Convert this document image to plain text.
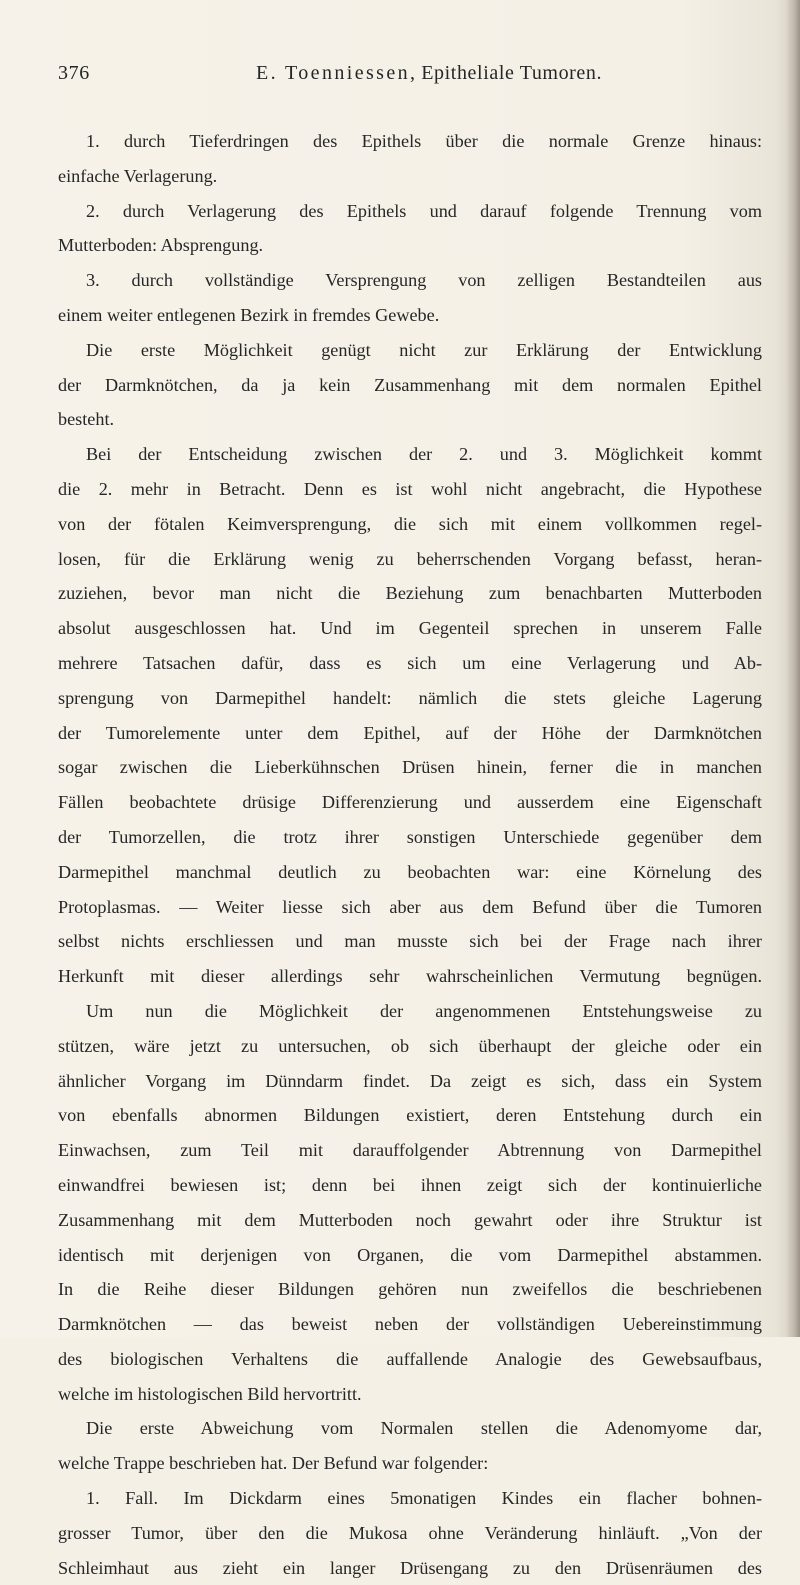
376	E. Toenniessen, Epitheliale Tumoren.
1. durch Tieferdringen des Epithels über die normale Grenze hinaus:
einfache Verlagerung.
2. durch Verlagerung des Epithels und darauf folgende Trennung vom
Mutterboden: Absprengung.
3. durch vollständige Versprengung von zelligen Bestandteilen aus
einem weiter entlegenen Bezirk in fremdes Gewebe.
Die erste Möglichkeit genügt nicht zur Erklärung der Entwicklung
der Darmknötchen, da ja kein Zusammenhang mit dem normalen Epithel
besteht.
Bei der Entscheidung zwischen der 2. und 3. Möglichkeit kommt
die 2. mehr in Betracht. Denn es ist wohl nicht angebracht, die Hypothese
von der fötalen Keimversprengung, die sich mit einem vollkommen regel-
losen, für die Erklärung wenig zu beherrschenden Vorgang befasst, heran-
zuziehen, bevor man nicht die Beziehung zum benachbarten Mutterboden
absolut ausgeschlossen hat. Und im Gegenteil sprechen in unserem Falle
mehrere Tatsachen dafür, dass es sich um eine Verlagerung und Ab-
sprengung von Darmepithel handelt: nämlich die stets gleiche Lagerung
der Tumorelemente unter dem Epithel, auf der Höhe der Darmknötchen
sogar zwischen die Lieberkühnschen Drüsen hinein, ferner die in manchen
Fällen beobachtete drüsige Differenzierung und ausserdem eine Eigenschaft
der Tumorzellen, die trotz ihrer sonstigen Unterschiede gegenüber dem
Darmepithel manchmal deutlich zu beobachten war: eine Körnelung des
Protoplasmas. — Weiter liesse sich aber aus dem Befund über die Tumoren
selbst nichts erschliessen und man musste sich bei der Frage nach ihrer
Herkunft mit dieser allerdings sehr wahrscheinlichen Vermutung begnügen.
Um nun die Möglichkeit der angenommenen Entstehungsweise zu
stützen, wäre jetzt zu untersuchen, ob sich überhaupt der gleiche oder ein
ähnlicher Vorgang im Dünndarm findet. Da zeigt es sich, dass ein System
von ebenfalls abnormen Bildungen existiert, deren Entstehung durch ein
Einwachsen, zum Teil mit darauffolgender Abtrennung von Darmepithel
einwandfrei bewiesen ist; denn bei ihnen zeigt sich der kontinuierliche
Zusammenhang mit dem Mutterboden noch gewahrt oder ihre Struktur ist
identisch mit derjenigen von Organen, die vom Darmepithel abstammen.
In die Reihe dieser Bildungen gehören nun zweifellos die beschriebenen
Darmknötchen — das beweist neben der vollständigen Uebereinstimmung
des biologischen Verhaltens die auffallende Analogie des Gewebsaufbaus,
welche im histologischen Bild hervortritt.
Die erste Abweichung vom Normalen stellen die Adenomyome dar,
welche Trappe beschrieben hat. Der Befund war folgender:
1. Fall. Im Dickdarm eines 5monatigen Kindes ein flacher bohnen-
grosser Tumor, über den die Mukosa ohne Veränderung hinläuft. „Von der
Schleimhaut aus zieht ein langer Drüsengang zu den Drüsenräumen des
